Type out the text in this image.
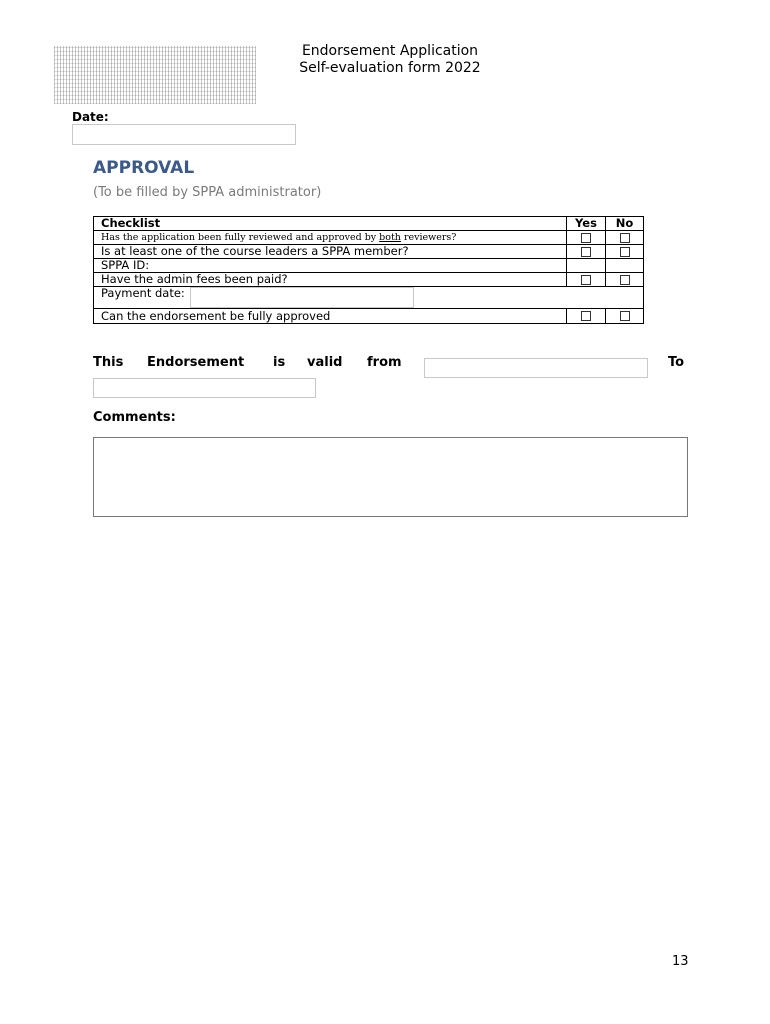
Endorsement Application
Self-evaluation form 2022
Date:
APPROVAL
(To be filled by SPPA administrator)
Checklist	Yes	No
Has the application been fully reviewed and approved by both reviewers?		
Is at least one of the course leaders a SPPA member?		
SPPA ID:		
Have the admin fees been paid?		
Payment date:		
Can the endorsement be fully approved		
This Endorsement is valid from	To
Comments:
13
